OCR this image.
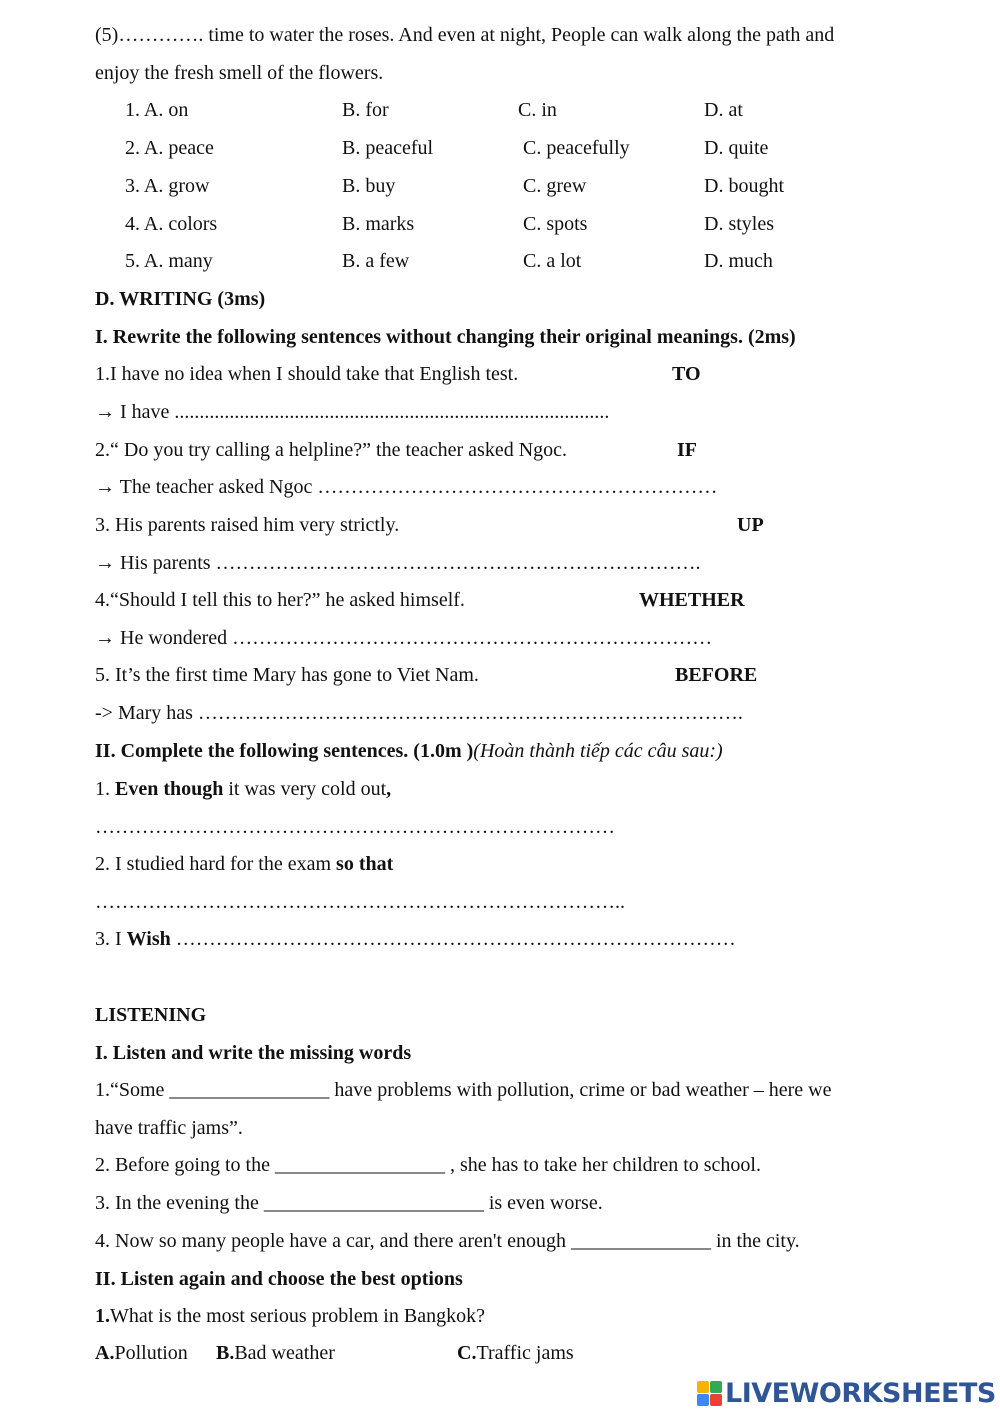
(5)…………. time to water the roses. And even at night, People can walk along the path and
enjoy the fresh smell of the flowers.
1. A. on	B. for	C. in	D. at
2. A. peace	B. peaceful	C. peacefully	D. quite
3. A. grow	B. buy	C. grew	D. bought
4. A. colors	B. marks	C. spots	D. styles
5. A. many	B. a few	C. a lot	D. much
D. WRITING (3ms)
I. Rewrite the following sentences without changing their original meanings. (2ms)
1.I have no idea when I should take that English test.	TO
→ I have .......................................................................................
2.“ Do you try calling a helpline?” the teacher asked Ngoc.	IF
→ The teacher asked Ngoc ……………………………………………………
3. His parents raised him very strictly.	UP
→ His parents ……………………………………………………………….
4.“Should I tell this to her?” he asked himself.	WHETHER
→ He wondered ………………………………………………………………
5. It’s the first time Mary has gone to Viet Nam.	BEFORE
-> Mary has ……………………………………………………………………….
II. Complete the following sentences. (1.0m )(Hoàn thành tiếp các câu sau:)
1. Even though it was very cold out,
……………………………………………………………………
2. I studied hard for the exam so that
……………………………………………………………………..
3. I Wish …………………………………………………………………………
LISTENING
I. Listen and write the missing words
1.“Some ________________ have problems with pollution, crime or bad weather – here we
have traffic jams”.
2. Before going to the _________________ , she has to take her children to school.
3. In the evening the ______________________ is even worse.
4. Now so many people have a car, and there aren't enough ______________ in the city.
II. Listen again and choose the best options
1.What is the most serious problem in Bangkok?
A.Pollution B.Bad weather	C.Traffic jams
LIVEWORKSHEETS
